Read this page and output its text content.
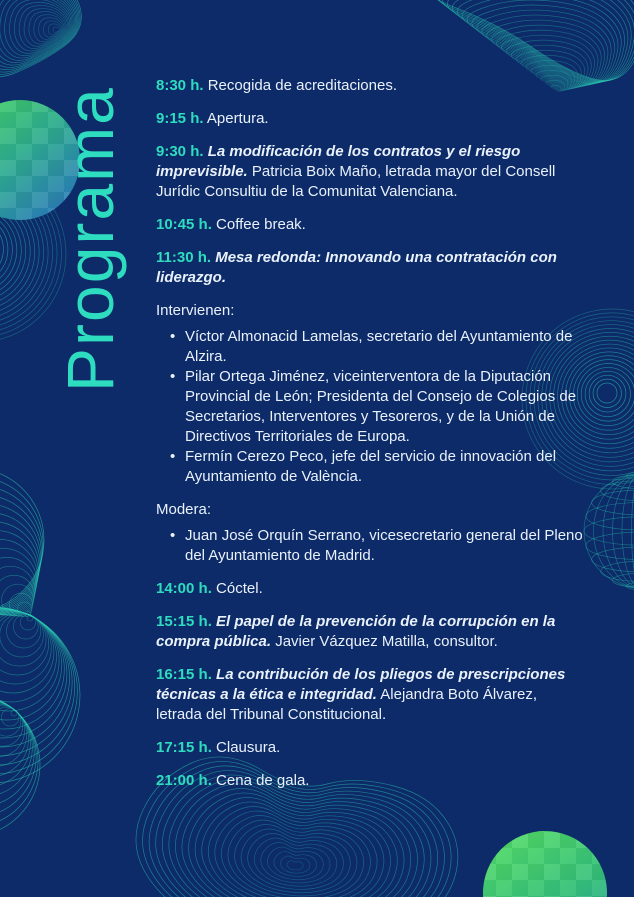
Programa

8:30 h. Recogida de acreditaciones.

9:15 h. Apertura.

9:30 h. La modificación de los contratos y el riesgo imprevisible. Patricia Boix Maño, letrada mayor del Consell Jurídic Consultiu de la Comunitat Valenciana.

10:45 h. Coffee break.

11:30 h. Mesa redonda: Innovando una contratación con liderazgo.

Intervienen:

• Víctor Almonacid Lamelas, secretario del Ayuntamiento de Alzira.
• Pilar Ortega Jiménez, viceinterventora de la Diputación Provincial de León; Presidenta del Consejo de Colegios de Secretarios, Interventores y Tesoreros, y de la Unión de Directivos Territoriales de Europa.
• Fermín Cerezo Peco, jefe del servicio de innovación del Ayuntamiento de València.

Modera:

• Juan José Orquín Serrano, vicesecretario general del Pleno del Ayuntamiento de Madrid.

14:00 h. Cóctel.

15:15 h. El papel de la prevención de la corrupción en la compra pública. Javier Vázquez Matilla, consultor.

16:15 h. La contribución de los pliegos de prescripciones técnicas a la ética e integridad. Alejandra Boto Álvarez, letrada del Tribunal Constitucional.

17:15 h. Clausura.

21:00 h. Cena de gala.
